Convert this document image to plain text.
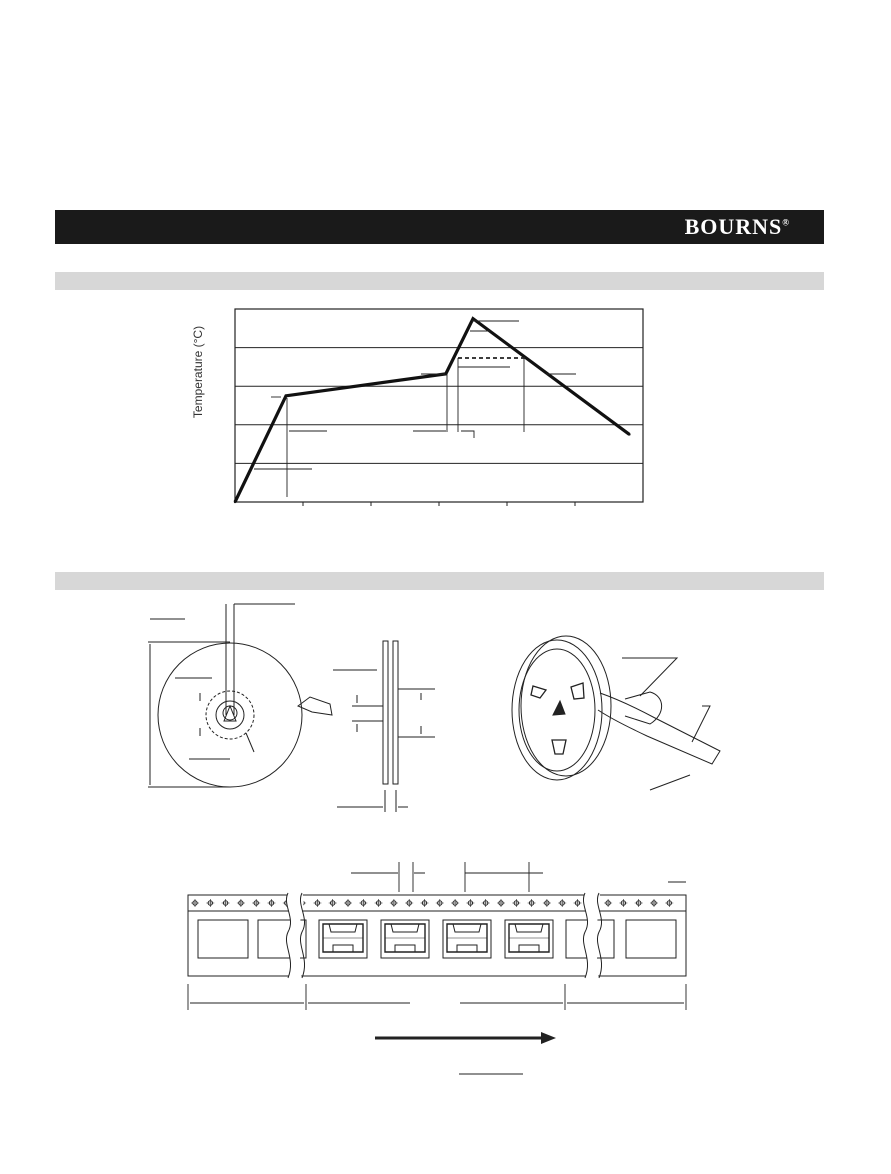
BOURNS®
Temperature (°C)
